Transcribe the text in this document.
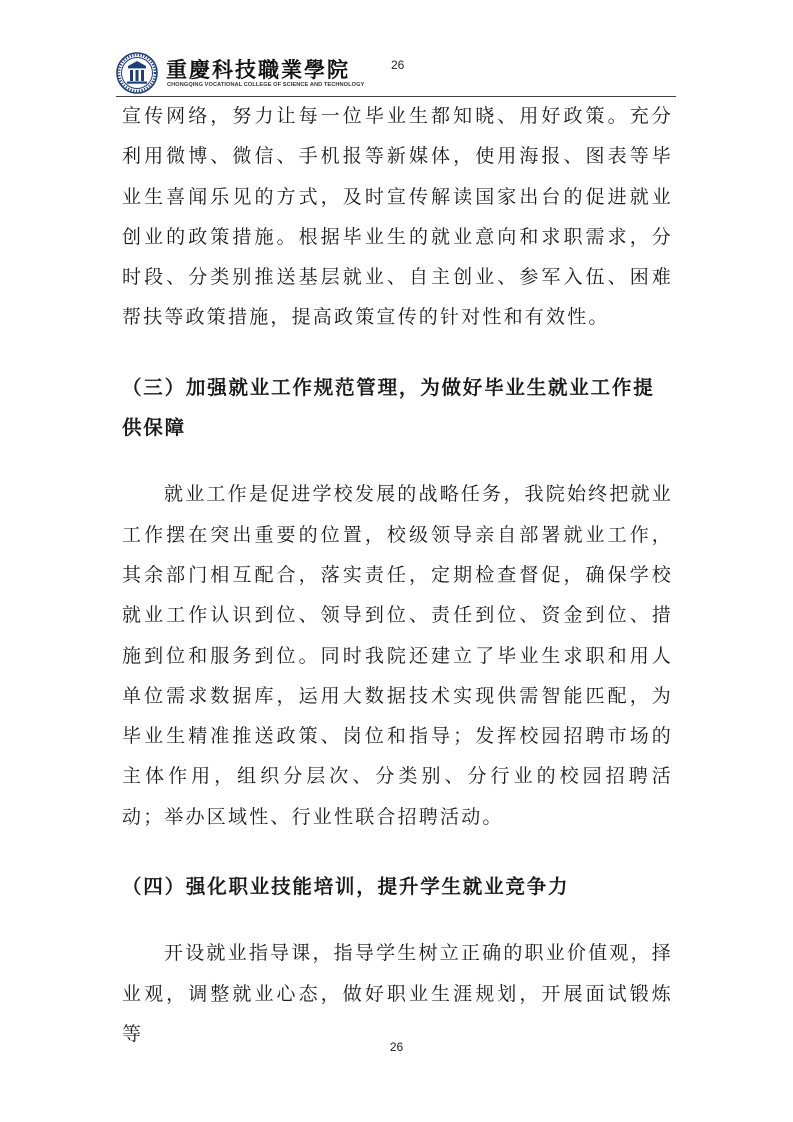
重慶科技職業學院
CHONGQING VOCATIONAL COLLEGE OF SCIENCE AND TECHNOLOGY
26

宣传网络，努力让每一位毕业生都知晓、用好政策。充分利用微博、微信、手机报等新媒体，使用海报、图表等毕业生喜闻乐见的方式，及时宣传解读国家出台的促进就业创业的政策措施。根据毕业生的就业意向和求职需求，分时段、分类别推送基层就业、自主创业、参军入伍、困难帮扶等政策措施，提高政策宣传的针对性和有效性。

（三）加强就业工作规范管理，为做好毕业生就业工作提供保障

就业工作是促进学校发展的战略任务，我院始终把就业工作摆在突出重要的位置，校级领导亲自部署就业工作，其余部门相互配合，落实责任，定期检查督促，确保学校就业工作认识到位、领导到位、责任到位、资金到位、措施到位和服务到位。同时我院还建立了毕业生求职和用人单位需求数据库，运用大数据技术实现供需智能匹配，为毕业生精准推送政策、岗位和指导；发挥校园招聘市场的主体作用，组织分层次、分类别、分行业的校园招聘活动；举办区域性、行业性联合招聘活动。

（四）强化职业技能培训，提升学生就业竞争力

开设就业指导课，指导学生树立正确的职业价值观，择业观，调整就业心态，做好职业生涯规划，开展面试锻炼等

26
